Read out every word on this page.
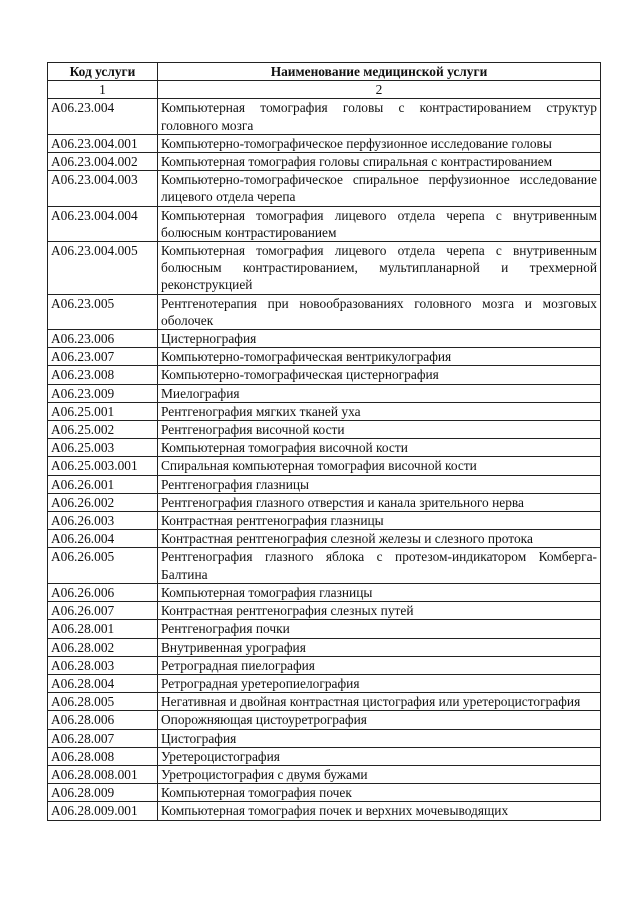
Код услуги	Наименование медицинской услуги
1	2
A06.23.004	Компьютерная томография головы с контрастированием структур головного мозга
A06.23.004.001	Компьютерно-томографическое перфузионное исследование головы
A06.23.004.002	Компьютерная томография головы спиральная с контрастированием
A06.23.004.003	Компьютерно-томографическое спиральное перфузионное исследование лицевого отдела черепа
A06.23.004.004	Компьютерная томография лицевого отдела черепа с внутривенным болюсным контрастированием
A06.23.004.005	Компьютерная томография лицевого отдела черепа с внутривенным болюсным контрастированием, мультипланарной и трехмерной реконструкцией
A06.23.005	Рентгенотерапия при новообразованиях головного мозга и мозговых оболочек
A06.23.006	Цистернография
A06.23.007	Компьютерно-томографическая вентрикулография
A06.23.008	Компьютерно-томографическая цистернография
A06.23.009	Миелография
A06.25.001	Рентгенография мягких тканей уха
A06.25.002	Рентгенография височной кости
A06.25.003	Компьютерная томография височной кости
A06.25.003.001	Спиральная компьютерная томография височной кости
A06.26.001	Рентгенография глазницы
A06.26.002	Рентгенография глазного отверстия и канала зрительного нерва
A06.26.003	Контрастная рентгенография глазницы
A06.26.004	Контрастная рентгенография слезной железы и слезного протока
A06.26.005	Рентгенография глазного яблока с протезом-индикатором Комберга-Балтина
A06.26.006	Компьютерная томография глазницы
A06.26.007	Контрастная рентгенография слезных путей
A06.28.001	Рентгенография почки
A06.28.002	Внутривенная урография
A06.28.003	Ретроградная пиелография
A06.28.004	Ретроградная уретеропиелография
A06.28.005	Негативная и двойная контрастная цистография или уретероцистография
A06.28.006	Опорожняющая цистоуретрография
A06.28.007	Цистография
A06.28.008	Уретероцистография
A06.28.008.001	Уретроцистография с двумя бужами
A06.28.009	Компьютерная томография почек
A06.28.009.001	Компьютерная томография почек и верхних мочевыводящих
